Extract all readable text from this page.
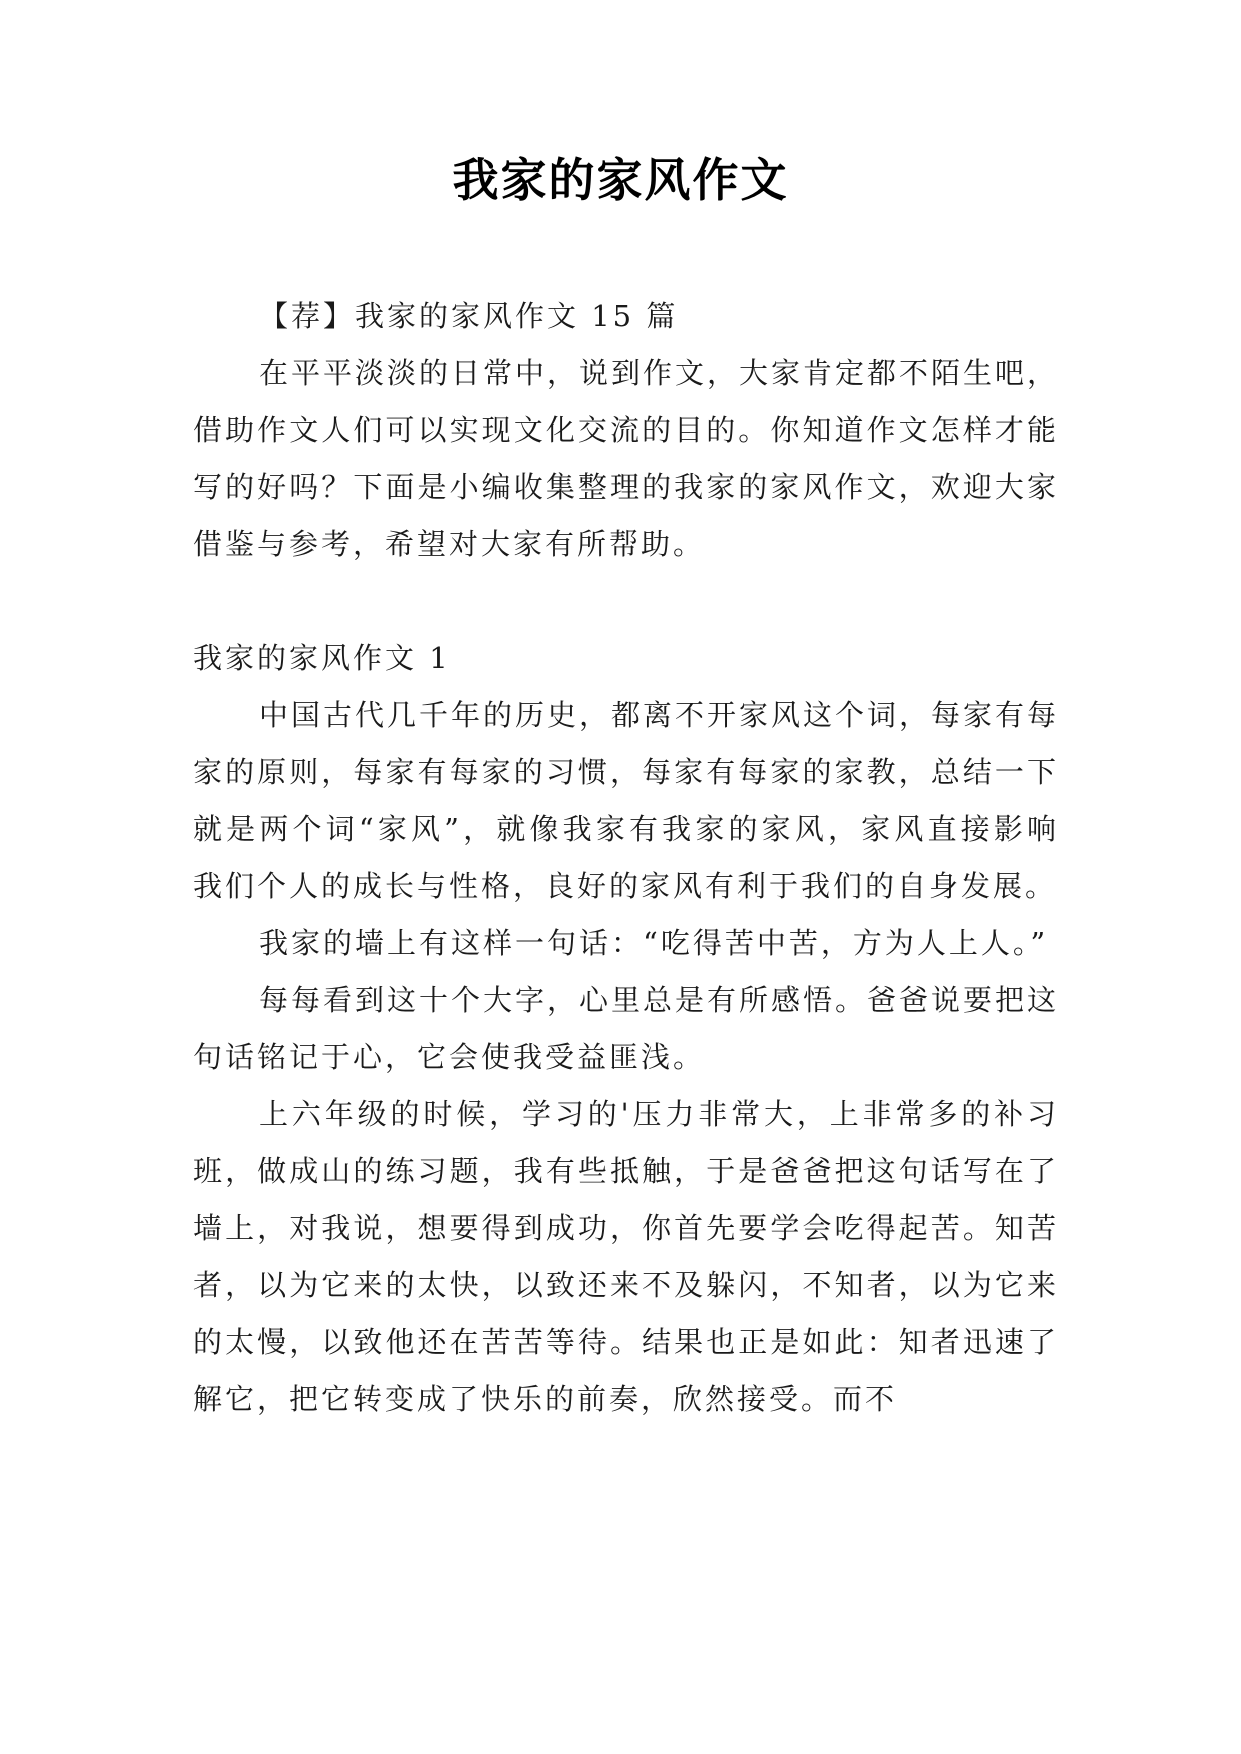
我家的家风作文

【荐】我家的家风作文 15 篇

在平平淡淡的日常中，说到作文，大家肯定都不陌生吧，借助作文人们可以实现文化交流的目的。你知道作文怎样才能写的好吗？下面是小编收集整理的我家的家风作文，欢迎大家借鉴与参考，希望对大家有所帮助。

我家的家风作文 1

中国古代几千年的历史，都离不开家风这个词，每家有每家的原则，每家有每家的习惯，每家有每家的家教，总结一下就是两个词“家风”，就像我家有我家的家风，家风直接影响我们个人的成长与性格，良好的家风有利于我们的自身发展。

我家的墙上有这样一句话：“吃得苦中苦，方为人上人。”

每每看到这十个大字，心里总是有所感悟。爸爸说要把这句话铭记于心，它会使我受益匪浅。

上六年级的时候，学习的'压力非常大，上非常多的补习班，做成山的练习题，我有些抵触，于是爸爸把这句话写在了墙上，对我说，想要得到成功，你首先要学会吃得起苦。知苦者，以为它来的太快，以致还来不及躲闪，不知者，以为它来的太慢，以致他还在苦苦等待。结果也正是如此：知者迅速了解它，把它转变成了快乐的前奏，欣然接受。而不
